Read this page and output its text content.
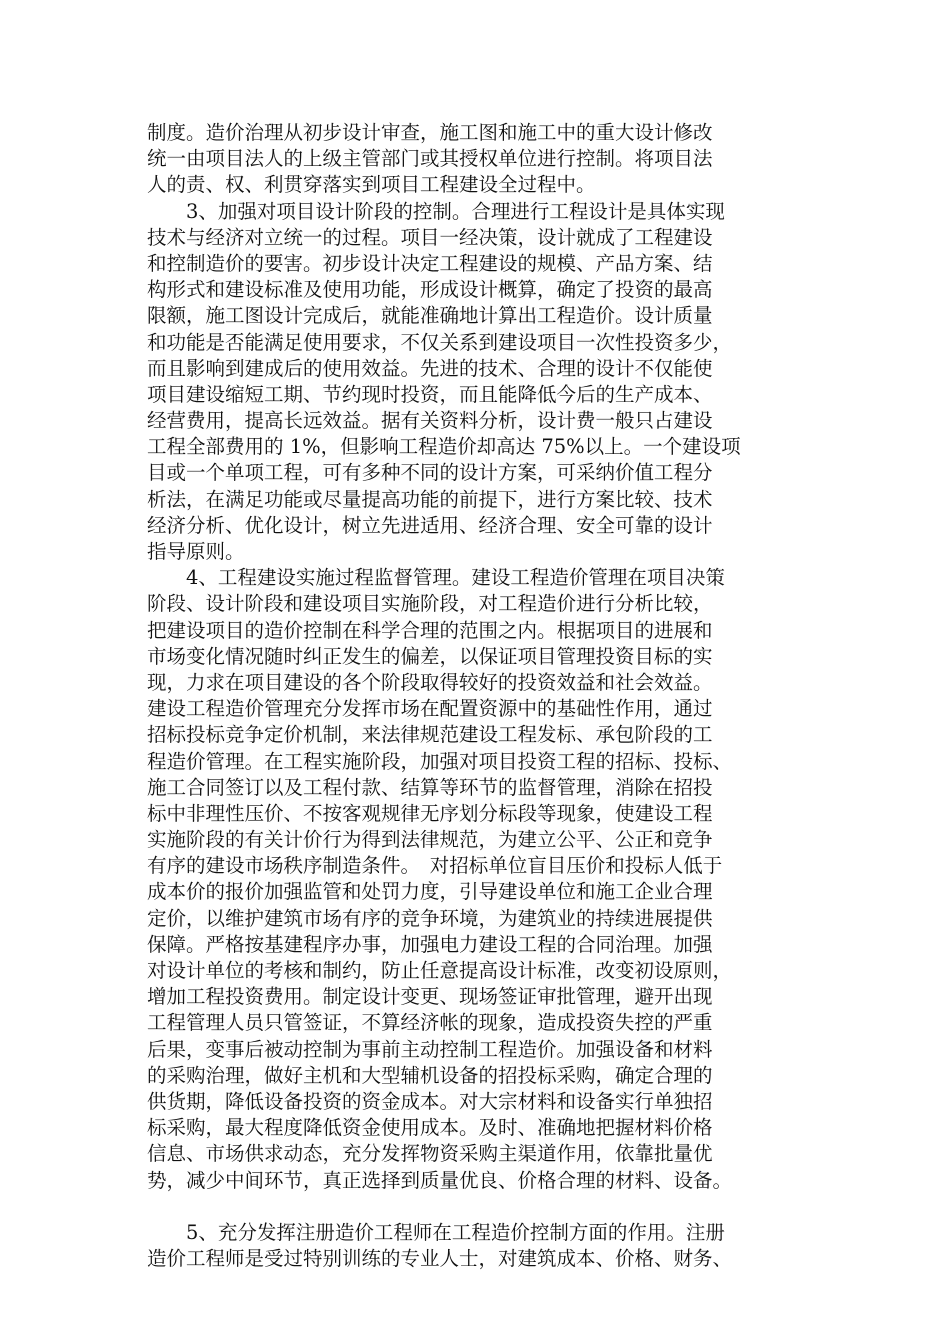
制度。造价治理从初步设计审查，施工图和施工中的重大设计修改
统一由项目法人的上级主管部门或其授权单位进行控制。将项目法
人的责、权、利贯穿落实到项目工程建设全过程中。
　　3、加强对项目设计阶段的控制。合理进行工程设计是具体实现
技术与经济对立统一的过程。项目一经决策，设计就成了工程建设
和控制造价的要害。初步设计决定工程建设的规模、产品方案、结
构形式和建设标准及使用功能，形成设计概算，确定了投资的最高
限额，施工图设计完成后，就能准确地计算出工程造价。设计质量
和功能是否能满足使用要求，不仅关系到建设项目一次性投资多少，
而且影响到建成后的使用效益。先进的技术、合理的设计不仅能使
项目建设缩短工期、节约现时投资，而且能降低今后的生产成本、
经营费用，提高长远效益。据有关资料分析，设计费一般只占建设
工程全部费用的 1%，但影响工程造价却高达 75%以上。一个建设项
目或一个单项工程，可有多种不同的设计方案，可采纳价值工程分
析法，在满足功能或尽量提高功能的前提下，进行方案比较、技术
经济分析、优化设计，树立先进适用、经济合理、安全可靠的设计
指导原则。
　　4、工程建设实施过程监督管理。建设工程造价管理在项目决策
阶段、设计阶段和建设项目实施阶段，对工程造价进行分析比较，
把建设项目的造价控制在科学合理的范围之内。根据项目的进展和
市场变化情况随时纠正发生的偏差，以保证项目管理投资目标的实
现，力求在项目建设的各个阶段取得较好的投资效益和社会效益。
建设工程造价管理充分发挥市场在配置资源中的基础性作用，通过
招标投标竞争定价机制，来法律规范建设工程发标、承包阶段的工
程造价管理。在工程实施阶段，加强对项目投资工程的招标、投标、
施工合同签订以及工程付款、结算等环节的监督管理，消除在招投
标中非理性压价、不按客观规律无序划分标段等现象，使建设工程
实施阶段的有关计价行为得到法律规范，为建立公平、公正和竞争
有序的建设市场秩序制造条件。　对招标单位盲目压价和投标人低于
成本价的报价加强监管和处罚力度，引导建设单位和施工企业合理
定价，以维护建筑市场有序的竞争环境，为建筑业的持续进展提供
保障。严格按基建程序办事，加强电力建设工程的合同治理。加强
对设计单位的考核和制约，防止任意提高设计标准，改变初设原则，
增加工程投资费用。制定设计变更、现场签证审批管理，避开出现
工程管理人员只管签证，不算经济帐的现象，造成投资失控的严重
后果，变事后被动控制为事前主动控制工程造价。加强设备和材料
的采购治理，做好主机和大型辅机设备的招投标采购，确定合理的
供货期，降低设备投资的资金成本。对大宗材料和设备实行单独招
标采购，最大程度降低资金使用成本。及时、准确地把握材料价格
信息、市场供求动态，充分发挥物资采购主渠道作用，依靠批量优
势，减少中间环节，真正选择到质量优良、价格合理的材料、设备。
　　5、充分发挥注册造价工程师在工程造价控制方面的作用。注册
造价工程师是受过特别训练的专业人士，对建筑成本、价格、财务、
